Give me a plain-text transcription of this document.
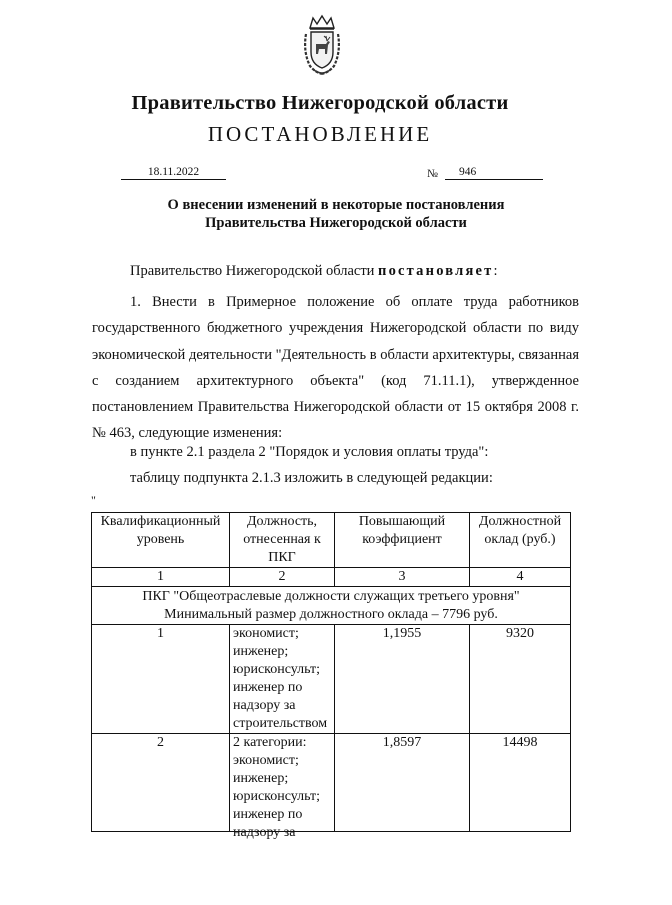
Правительство Нижегородской области
ПОСТАНОВЛЕНИЕ
18.11.2022	№	946
О внесении изменений в некоторые постановления
Правительства Нижегородской области
Правительство Нижегородской области постановляет:
1. Внести в Примерное положение об оплате труда работников государственного бюджетного учреждения Нижегородской области по виду экономической деятельности "Деятельность в области архитектуры, связанная с созданием архитектурного объекта" (код 71.11.1), утвержденное постановлением Правительства Нижегородской области от 15 октября 2008 г. № 463, следующие изменения:
в пункте 2.1 раздела 2 "Порядок и условия оплаты труда":
таблицу подпункта 2.1.3 изложить в следующей редакции:
"
Квалификационный уровень	Должность, отнесенная к ПКГ	Повышающий коэффициент	Должностной оклад (руб.)
1	2	3	4

ПКГ "Общеотраслевые должности служащих третьего уровня"
Минимальный размер должностного оклада – 7796 руб.			

1	экономист;
инженер;
юрисконсульт;
инженер по надзору за строительством	1,1955	9320
2	2 категории:
экономист;
инженер;
юрисконсульт;
инженер по надзору за	1,8597	14498
